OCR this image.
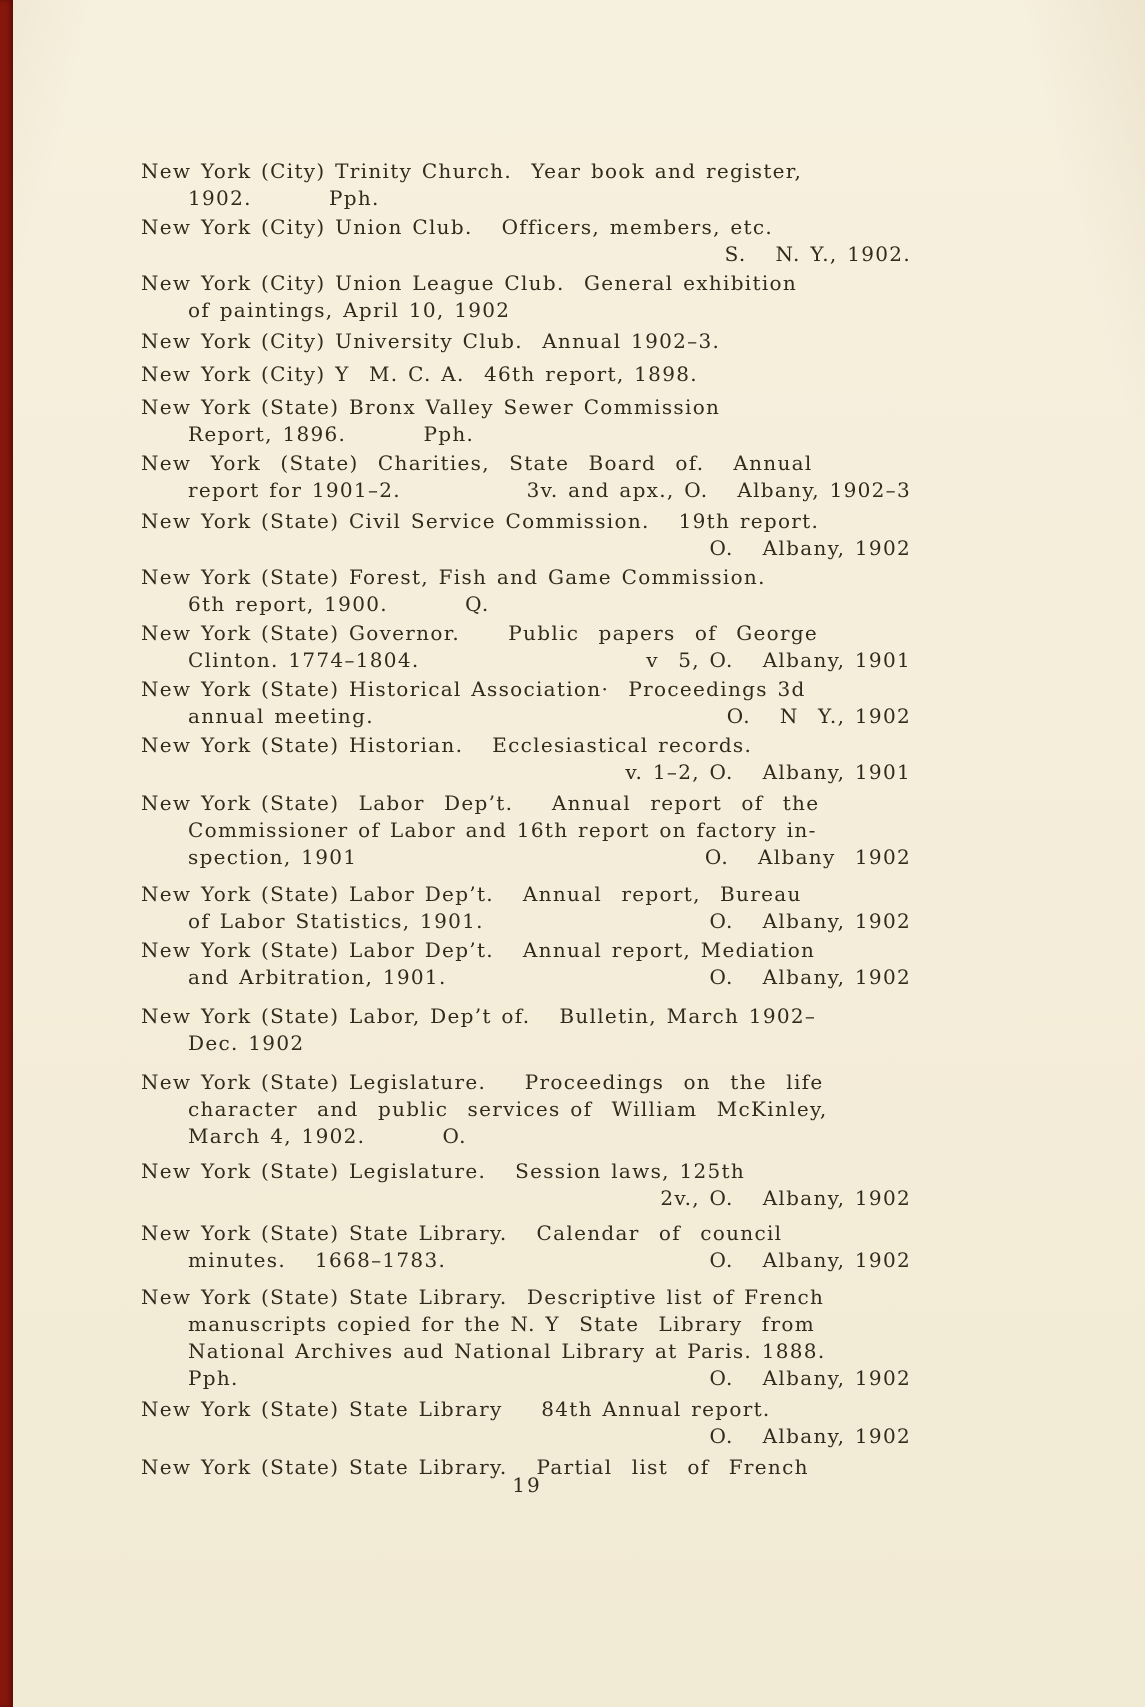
New York (City) Trinity Church.  Year book and register,
1902.        Pph.
New York (City) Union Club.   Officers, members, etc.
S.   N. Y., 1902.
New York (City) Union League Club.  General exhibition
of paintings, April 10, 1902
New York (City) University Club.  Annual 1902–3.
New York (City) Y  M. C. A.  46th report, 1898.
New York (State) Bronx Valley Sewer Commission
Report, 1896.        Pph.
New  York  (State)  Charities,  State  Board  of.   Annual
report for 1901–2.	3v. and apx., O.   Albany, 1902–3
New York (State) Civil Service Commission.   19th report.
O.   Albany, 1902
New York (State) Forest, Fish and Game Commission.
6th report, 1900.        Q.
New York (State) Governor.     Public  papers  of  George
Clinton. 1774–1804.	v  5, O.   Albany, 1901
New York (State) Historical Association·  Proceedings 3d
annual meeting.	O.   N  Y., 1902
New York (State) Historian.   Ecclesiastical records.
v. 1–2, O.   Albany, 1901
New York (State)  Labor  Dep’t.    Annual  report  of  the
Commissioner of Labor and 16th report on factory in-
spection, 1901	O.   Albany  1902
New York (State) Labor Dep’t.   Annual  report,  Bureau
of Labor Statistics, 1901.	O.   Albany, 1902
New York (State) Labor Dep’t.   Annual report, Mediation
and Arbitration, 1901.	O.   Albany, 1902
New York (State) Labor, Dep’t of.   Bulletin, March 1902–
Dec. 1902
New York (State) Legislature.    Proceedings  on  the  life
character  and  public  services of  William  McKinley,
March 4, 1902.        O.
New York (State) Legislature.   Session laws, 125th
2v., O.   Albany, 1902
New York (State) State Library.   Calendar  of  council
minutes.   1668–1783.	O.   Albany, 1902
New York (State) State Library.  Descriptive list of French
manuscripts copied for the N. Y  State  Library  from
National Archives aud National Library at Paris. 1888.
Pph.	O.   Albany, 1902
New York (State) State Library    84th Annual report.
O.   Albany, 1902
New York (State) State Library.   Partial  list  of  French
19
